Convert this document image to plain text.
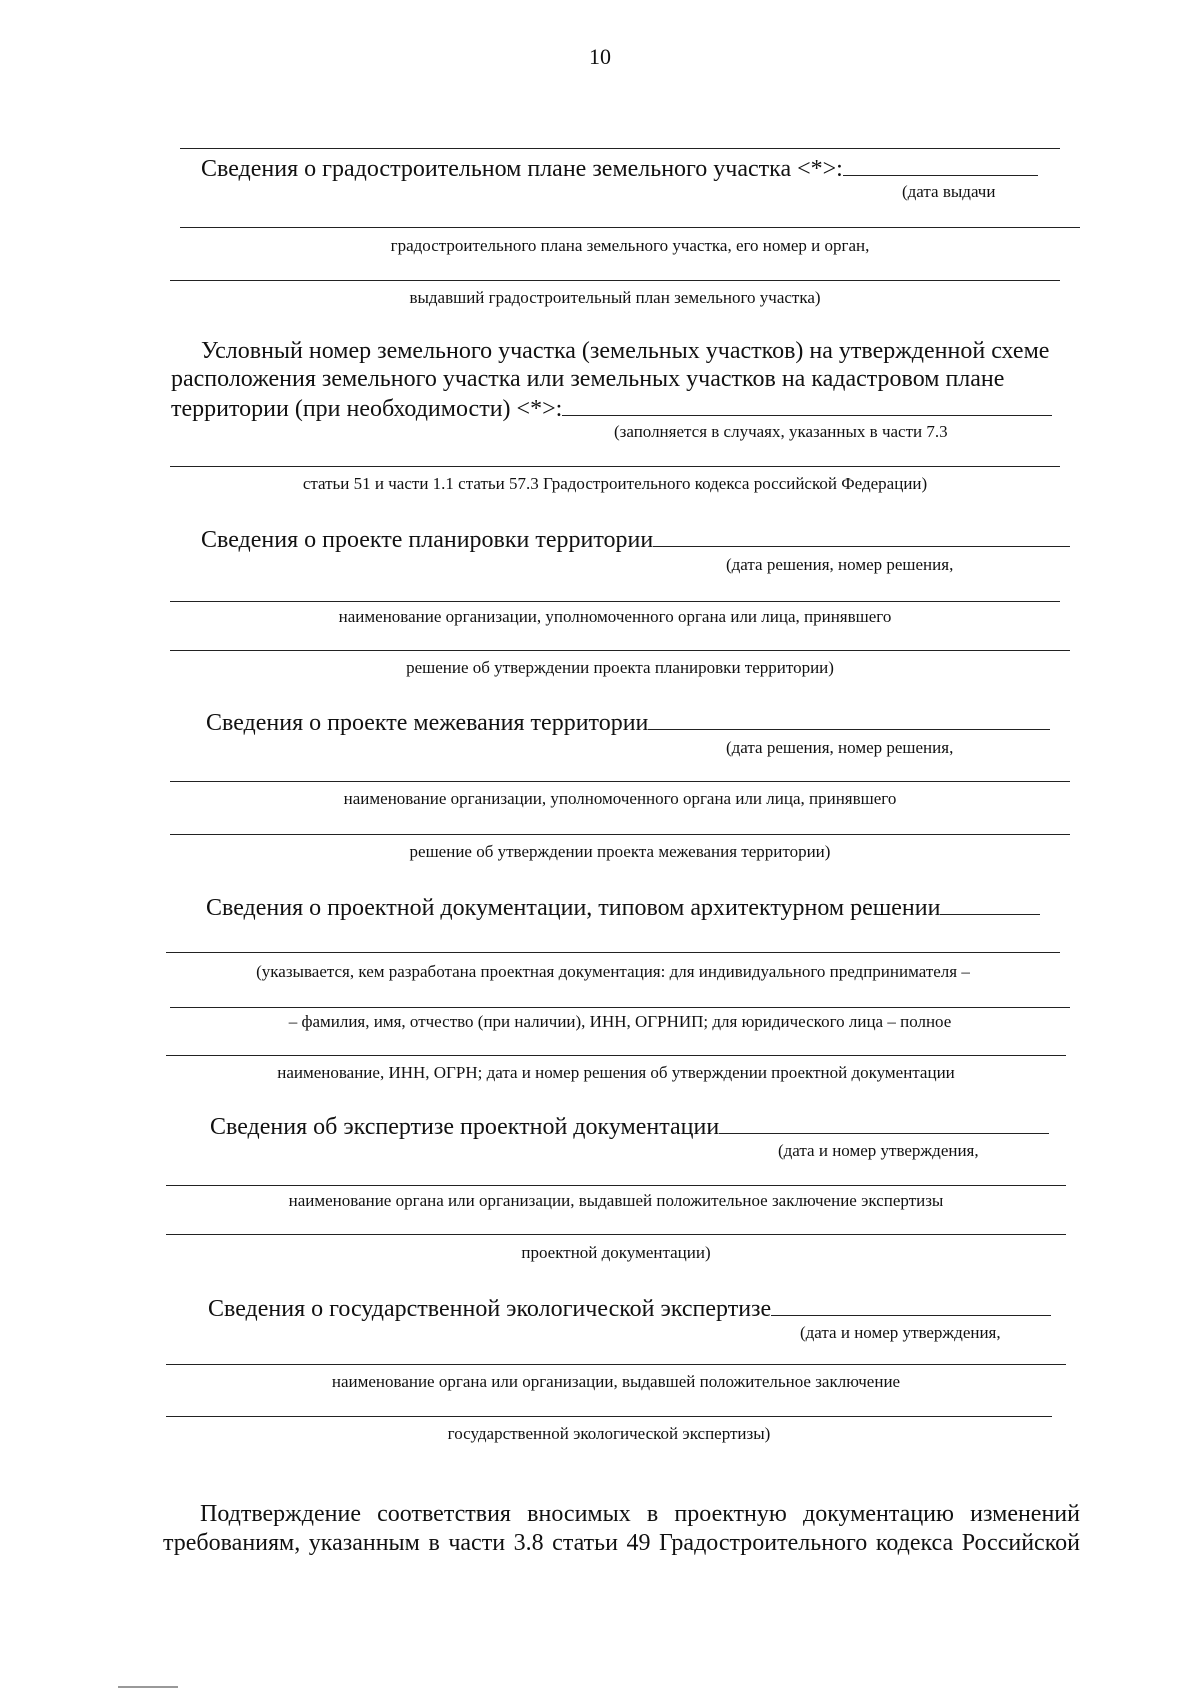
10
Сведения о градостроительном плане земельного участка <*>:
(дата выдачи
градостроительного плана земельного участка, его номер и орган,
выдавший градостроительный план земельного участка)
Условный номер земельного участка (земельных участков) на утвержденной схеме
расположения земельного участка или земельных участков на кадастровом плане
территории (при необходимости) <*>:
(заполняется в случаях, указанных в части 7.3
статьи 51 и части 1.1 статьи 57.3 Градостроительного кодекса российской Федерации)
Сведения о проекте планировки территории
(дата решения, номер решения,
наименование организации, уполномоченного органа или лица, принявшего
решение об утверждении проекта планировки территории)
Сведения о проекте межевания территории
(дата решения, номер решения,
наименование организации, уполномоченного органа или лица, принявшего
решение об утверждении проекта межевания территории)
Сведения о проектной документации, типовом архитектурном решении
(указывается, кем разработана проектная документация: для индивидуального предпринимателя –
– фамилия, имя, отчество (при наличии), ИНН, ОГРНИП; для юридического лица – полное
наименование, ИНН, ОГРН; дата и номер решения об утверждении проектной документации
Сведения об экспертизе проектной документации
(дата и номер утверждения,
наименование органа или организации, выдавшей положительное заключение экспертизы
проектной документации)
Сведения о государственной экологической экспертизе
(дата и номер утверждения,
наименование органа или организации, выдавшей положительное заключение
государственной экологической экспертизы)
Подтверждение соответствия вносимых в проектную документацию изменений
требованиям, указанным в части 3.8 статьи 49 Градостроительного кодекса Российской
